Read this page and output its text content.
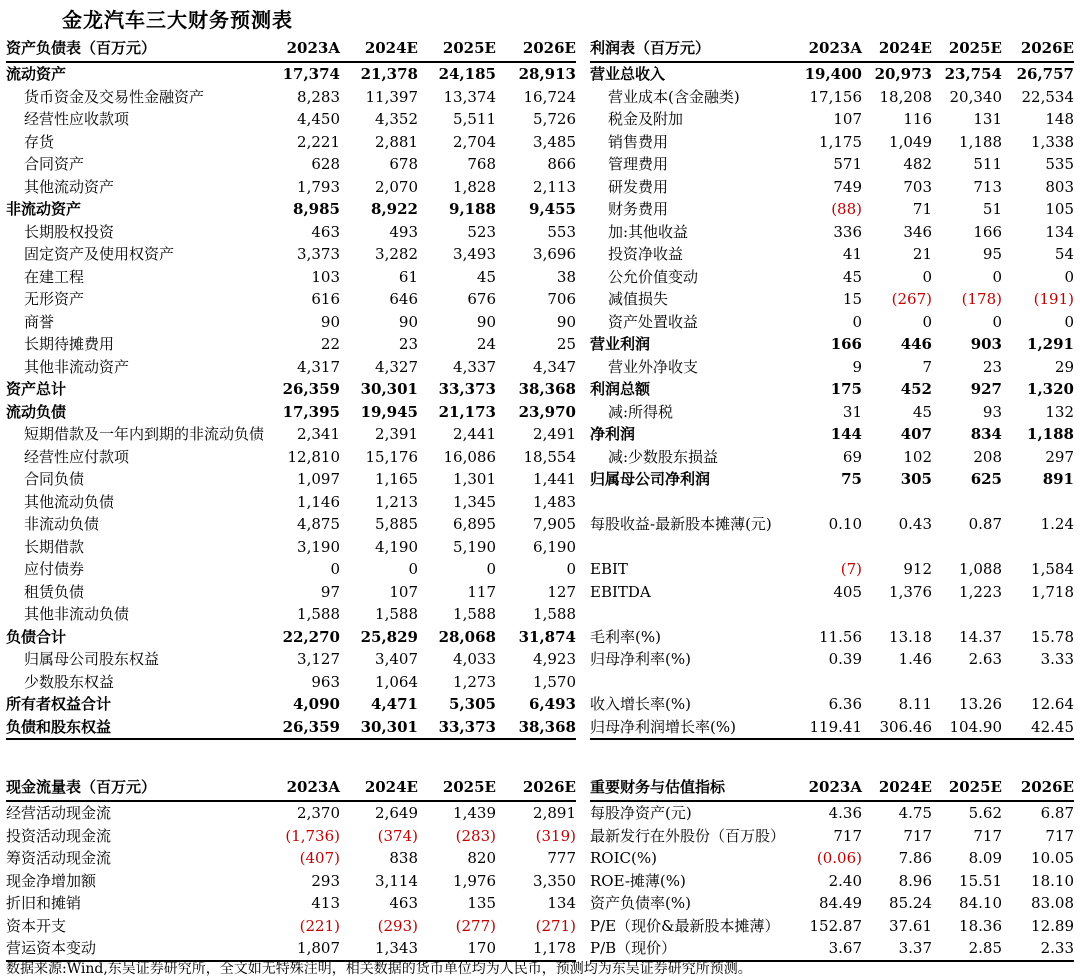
金龙汽车三大财务预测表
资产负债表（百万元）	2023A	2024E	2025E	2026E
流动资产	17,374	21,378	24,185	28,913
货币资金及交易性金融资产	8,283	11,397	13,374	16,724
经营性应收款项	4,450	4,352	5,511	5,726
存货	2,221	2,881	2,704	3,485
合同资产	628	678	768	866
其他流动资产	1,793	2,070	1,828	2,113
非流动资产	8,985	8,922	9,188	9,455
长期股权投资	463	493	523	553
固定资产及使用权资产	3,373	3,282	3,493	3,696
在建工程	103	61	45	38
无形资产	616	646	676	706
商誉	90	90	90	90
长期待摊费用	22	23	24	25
其他非流动资产	4,317	4,327	4,337	4,347
资产总计	26,359	30,301	33,373	38,368
流动负债	17,395	19,945	21,173	23,970
短期借款及一年内到期的非流动负债	2,341	2,391	2,441	2,491
经营性应付款项	12,810	15,176	16,086	18,554
合同负债	1,097	1,165	1,301	1,441
其他流动负债	1,146	1,213	1,345	1,483
非流动负债	4,875	5,885	6,895	7,905
长期借款	3,190	4,190	5,190	6,190
应付债券	0	0	0	0
租赁负债	97	107	117	127
其他非流动负债	1,588	1,588	1,588	1,588
负债合计	22,270	25,829	28,068	31,874
归属母公司股东权益	3,127	3,407	4,033	4,923
少数股东权益	963	1,064	1,273	1,570
所有者权益合计	4,090	4,471	5,305	6,493
负债和股东权益	26,359	30,301	33,373	38,368
利润表（百万元）	2023A	2024E	2025E	2026E
营业总收入	19,400	20,973	23,754	26,757
营业成本(含金融类)	17,156	18,208	20,340	22,534
税金及附加	107	116	131	148
销售费用	1,175	1,049	1,188	1,338
管理费用	571	482	511	535
研发费用	749	703	713	803
财务费用	(88)	71	51	105
加:其他收益	336	346	166	134
投资净收益	41	21	95	54
公允价值变动	45	0	0	0
减值损失	15	(267)	(178)	(191)
资产处置收益	0	0	0	0
营业利润	166	446	903	1,291
营业外净收支	9	7	23	29
利润总额	175	452	927	1,320
减:所得税	31	45	93	132
净利润	144	407	834	1,188
减:少数股东损益	69	102	208	297
归属母公司净利润	75	305	625	891

每股收益-最新股本摊薄(元)	0.10	0.43	0.87	1.24

EBIT	(7)	912	1,088	1,584
EBITDA	405	1,376	1,223	1,718

毛利率(%)	11.56	13.18	14.37	15.78
归母净利率(%)	0.39	1.46	2.63	3.33

收入增长率(%)	6.36	8.11	13.26	12.64
归母净利润增长率(%)	119.41	306.46	104.90	42.45
现金流量表（百万元）	2023A	2024E	2025E	2026E
经营活动现金流	2,370	2,649	1,439	2,891
投资活动现金流	(1,736)	(374)	(283)	(319)
筹资活动现金流	(407)	838	820	777
现金净增加额	293	3,114	1,976	3,350
折旧和摊销	413	463	135	134
资本开支	(221)	(293)	(277)	(271)
营运资本变动	1,807	1,343	170	1,178
重要财务与估值指标	2023A	2024E	2025E	2026E
每股净资产(元)	4.36	4.75	5.62	6.87
最新发行在外股份（百万股）	717	717	717	717
ROIC(%)	(0.06)	7.86	8.09	10.05
ROE-摊薄(%)	2.40	8.96	15.51	18.10
资产负债率(%)	84.49	85.24	84.10	83.08
P/E（现价&最新股本摊薄）	152.87	37.61	18.36	12.89
P/B（现价）	3.67	3.37	2.85	2.33
数据来源:Wind,东吴证券研究所，全文如无特殊注明，相关数据的货币单位均为人民币，预测均为东吴证券研究所预测。
